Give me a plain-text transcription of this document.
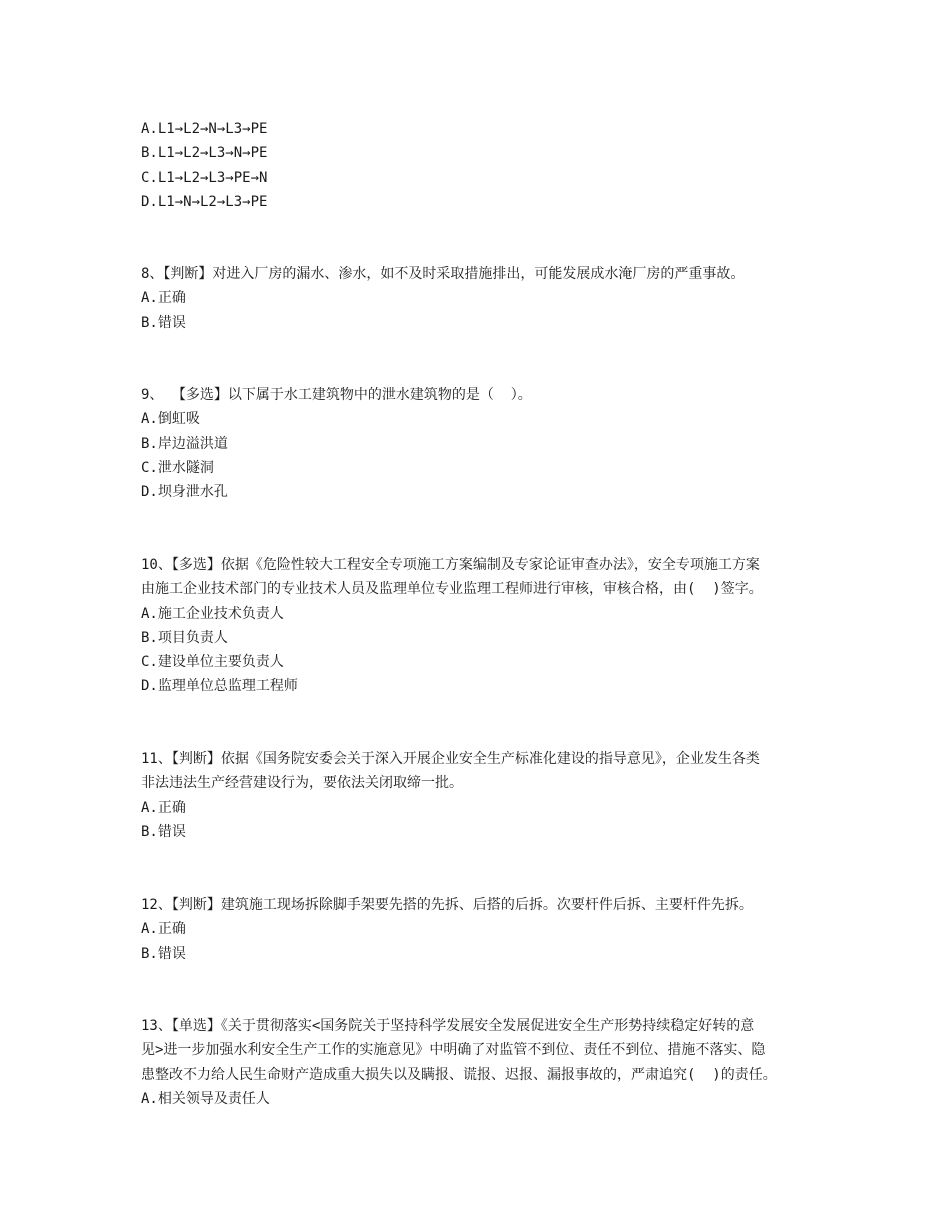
A.L1→L2→N→L3→PE
B.L1→L2→L3→N→PE
C.L1→L2→L3→PE→N
D.L1→N→L2→L3→PE
8、【判断】对进入厂房的漏水、渗水，如不及时采取措施排出，可能发展成水淹厂房的严重事故。
A.正确
B.错误
9、 【多选】以下属于水工建筑物中的泄水建筑物的是（  ）。
A.倒虹吸
B.岸边溢洪道
C.泄水隧洞
D.坝身泄水孔
10、【多选】依据《危险性较大工程安全专项施工方案编制及专家论证审查办法》，安全专项施工方案
由施工企业技术部门的专业技术人员及监理单位专业监理工程师进行审核，审核合格，由(  )签字。
A.施工企业技术负责人
B.项目负责人
C.建设单位主要负责人
D.监理单位总监理工程师
11、【判断】依据《国务院安委会关于深入开展企业安全生产标准化建设的指导意见》，企业发生各类
非法违法生产经营建设行为，要依法关闭取缔一批。
A.正确
B.错误
12、【判断】建筑施工现场拆除脚手架要先搭的先拆、后搭的后拆。次要杆件后拆、主要杆件先拆。
A.正确
B.错误
13、【单选】《关于贯彻落实<国务院关于坚持科学发展安全发展促进安全生产形势持续稳定好转的意
见>进一步加强水利安全生产工作的实施意见》中明确了对监管不到位、责任不到位、措施不落实、隐
患整改不力给人民生命财产造成重大损失以及瞒报、谎报、迟报、漏报事故的，严肃追究(  )的责任。
A.相关领导及责任人
